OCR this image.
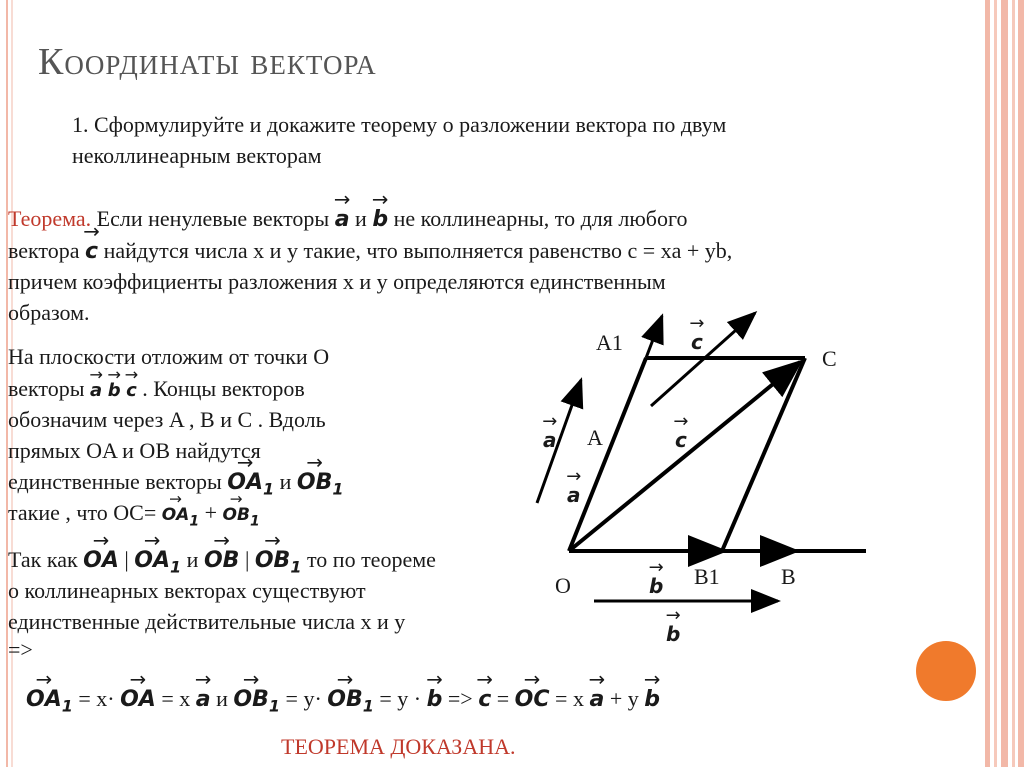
Координаты вектора
1. Сформулируйте и докажите теорему о разложении вектора по двум
неколлинеарным векторам
Теорема. Если ненулевые векторы → a и → b не коллинеарны, то для любого
вектора → c найдутся числа x и y такие, что выполняется равенство c = xa + yb,
причем коэффициенты разложения x и y определяются единственным
образом.
На плоскости отложим от точки O
векторы → a → b → c . Концы векторов
обозначим через A , B и C . Вдоль
прямых OA и OB найдутся
единственные векторы → $OA_1$ $и \to OB_1$
такие , что $OC= \to OA_1$ + → $OB_1$
Так как → OA | → $OA_1$ и → OB | → $OB_1$ то по теореме
о коллинеарных векторах существуют
единственные действительные числа x и y
=>
→ $OA_1 = x\cdot$ → OA = x → a $и \to OB_1 = y\cdot \to OB_1 = y$ · → b => → c = → OC = x → a + y → b
ТЕОРЕМА ДОКАЗАНА.
A1
C
A
O	B1	B
→ c
→ c
→ a
→ a
→ b
→ b
